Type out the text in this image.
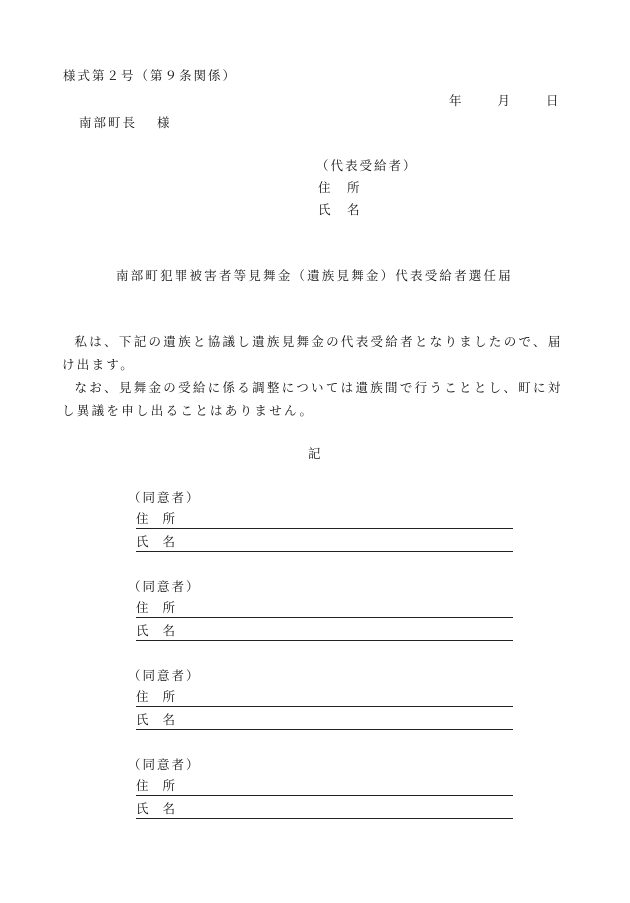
様式第２号（第９条関係）
年	月	日
南部町長 様
（代表受給者）
住　所
氏　名
南部町犯罪被害者等見舞金（遺族見舞金）代表受給者選任届

私は、下記の遺族と協議し遺族見舞金の代表受給者となりましたので、届け出ます。

なお、見舞金の受給に係る調整については遺族間で行うこととし、町に対し異議を申し出ることはありません。

記
（同意者）
住所
氏名
（同意者）
住所
氏名
（同意者）
住所
氏名
（同意者）
住所
氏名
